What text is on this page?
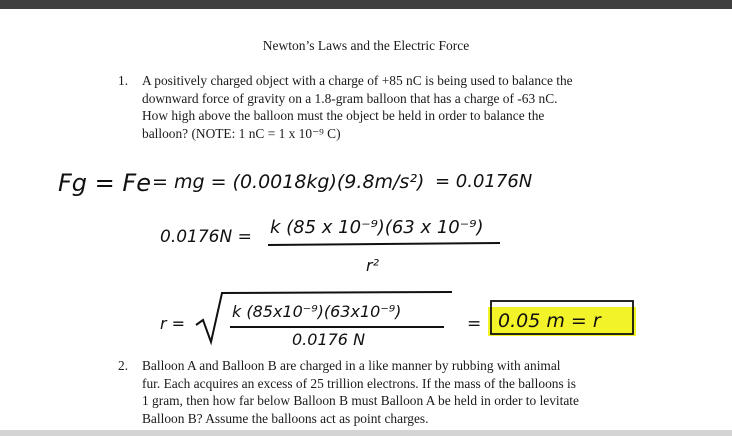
Newton’s Laws and the Electric Force
1. A positively charged object with a charge of +85 nC is being used to balance the
downward force of gravity on a 1.8-gram balloon that has a charge of -63 nC.
How high above the balloon must the object be held in order to balance the
balloon? (NOTE: 1 nC = 1 x 10⁻⁹ C)
2. Balloon A and Balloon B are charged in a like manner by rubbing with animal
fur. Each acquires an excess of 25 trillion electrons. If the mass of the balloons is
1 gram, then how far below Balloon B must Balloon A be held in order to levitate
Balloon B? Assume the balloons act as point charges.
Fg = Fe = mg = (0.0018kg)(9.8m/s²) = 0.0176N
0.0176N = k (85 x 10⁻⁹)(63 x 10⁻⁹)
r²
r =
k (85x10⁻⁹)(63x10⁻⁹)
0.0176 N
= 0.05 m = r
